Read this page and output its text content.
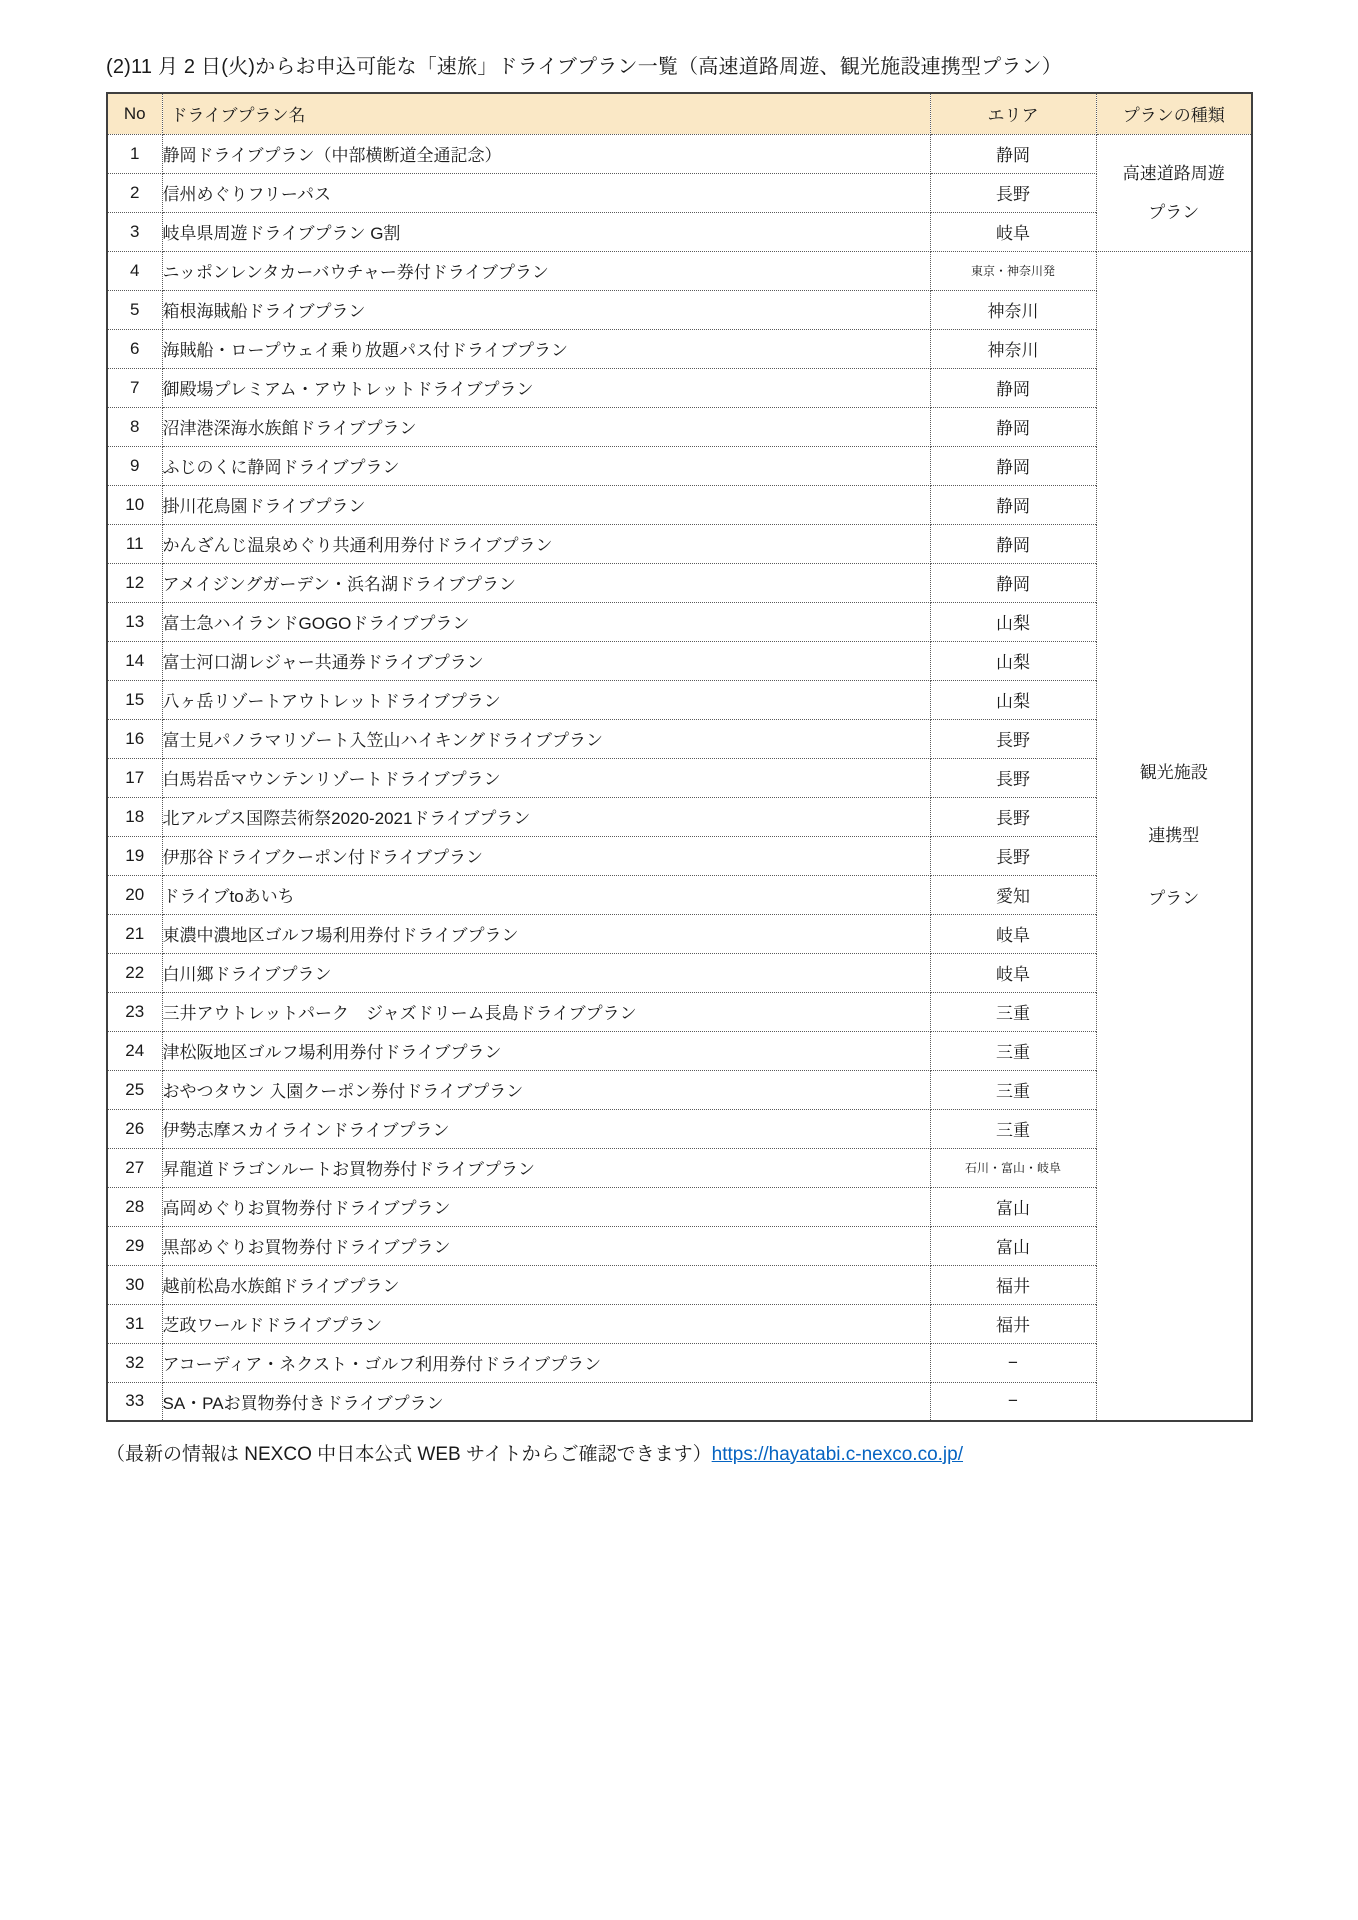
(2)11 月 2 日(火)からお申込可能な「速旅」ドライブプラン一覧（高速道路周遊、観光施設連携型プラン）
No	ドライブプラン名	エリア	プランの種類
1	静岡ドライブプラン（中部横断道全通記念）	静岡	高速道路周遊
プラン

2	信州めぐりフリーパス	長野	
3	岐阜県周遊ドライブプラン G割	岐阜	
4	ニッポンレンタカーバウチャー券付ドライブプラン	東京・神奈川発	観光施設
連携型
プラン

5	箱根海賊船ドライブプラン	神奈川	
6	海賊船・ロープウェイ乗り放題パス付ドライブプラン	神奈川	
7	御殿場プレミアム・アウトレットドライブプラン	静岡	
8	沼津港深海水族館ドライブプラン	静岡	
9	ふじのくに静岡ドライブプラン	静岡	
10	掛川花鳥園ドライブプラン	静岡	
11	かんざんじ温泉めぐり共通利用券付ドライブプラン	静岡	
12	アメイジングガーデン・浜名湖ドライブプラン	静岡	
13	富士急ハイランドGOGOドライブプラン	山梨	
14	富士河口湖レジャー共通券ドライブプラン	山梨	
15	八ヶ岳リゾートアウトレットドライブプラン	山梨	
16	富士見パノラマリゾート入笠山ハイキングドライブプラン	長野	
17	白馬岩岳マウンテンリゾートドライブプラン	長野	
18	北アルプス国際芸術祭2020-2021ドライブプラン	長野	
19	伊那谷ドライブクーポン付ドライブプラン	長野	
20	ドライブtoあいち	愛知	
21	東濃中濃地区ゴルフ場利用券付ドライブプラン	岐阜	
22	白川郷ドライブプラン	岐阜	
23	三井アウトレットパーク　ジャズドリーム長島ドライブプラン	三重	
24	津松阪地区ゴルフ場利用券付ドライブプラン	三重	
25	おやつタウン 入園クーポン券付ドライブプラン	三重	
26	伊勢志摩スカイラインドライブプラン	三重	
27	昇龍道ドラゴンルートお買物券付ドライブプラン	石川・富山・岐阜	
28	高岡めぐりお買物券付ドライブプラン	富山	
29	黒部めぐりお買物券付ドライブプラン	富山	
30	越前松島水族館ドライブプラン	福井	
31	芝政ワールドドライブプラン	福井	
32	アコーディア・ネクスト・ゴルフ利用券付ドライブプラン	−	
33	SA・PAお買物券付きドライブプラン	−	
（最新の情報は NEXCO 中日本公式 WEB サイトからご確認できます）https://hayatabi.c-nexco.co.jp/
